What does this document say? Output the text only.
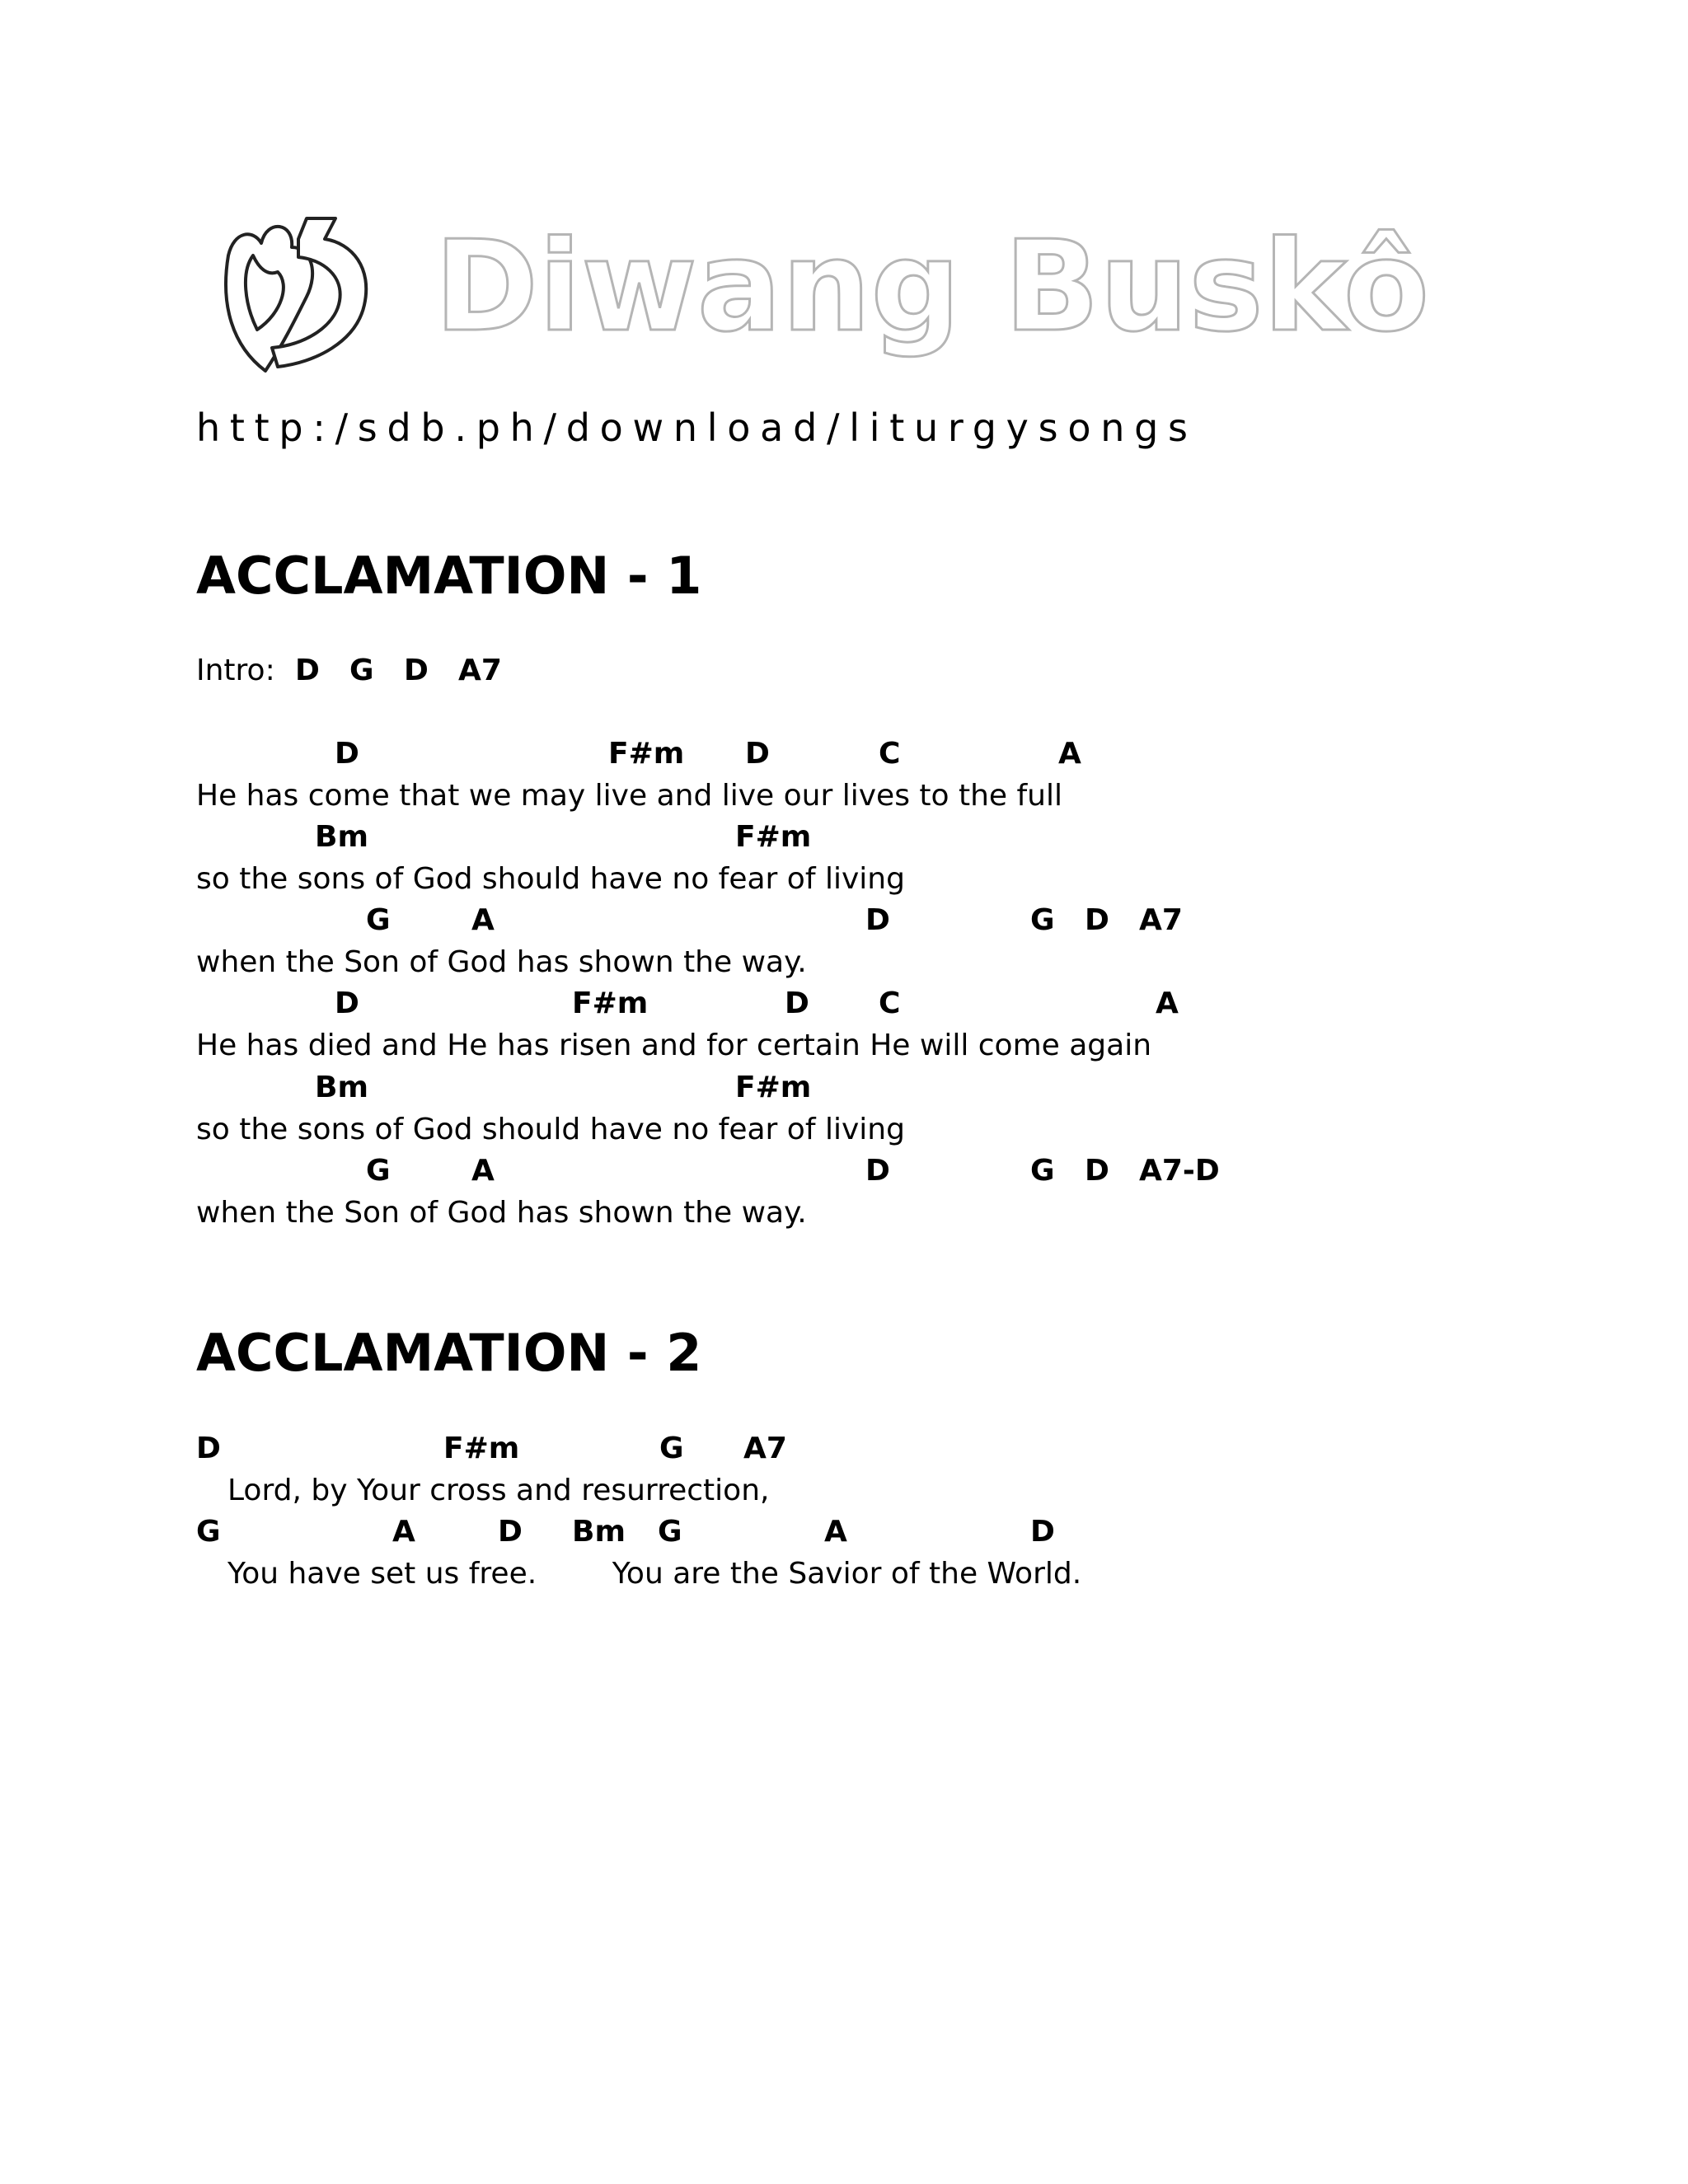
Diwang Buskô
http:/sdb.ph/download/liturgysongs
ACCLAMATION - 1
Intro: D G D A7
D	F#m D	C	A
He has come that we may live and live our lives to the full
Bm	F#m
so the sons of God should have no fear of living
G	A	D	G D A7
when the Son of God has shown the way.
D	F#m	D C	A
He has died and He has risen and for certain He will come again
Bm	F#m
so the sons of God should have no fear of living
G	A	D	G D A7-D
when the Son of God has shown the way.
ACCLAMATION - 2
D	F#m	G A7
Lord, by Your cross and resurrection,
G	A	D Bm G	A	D
You have set us free.        You are the Savior of the World.
